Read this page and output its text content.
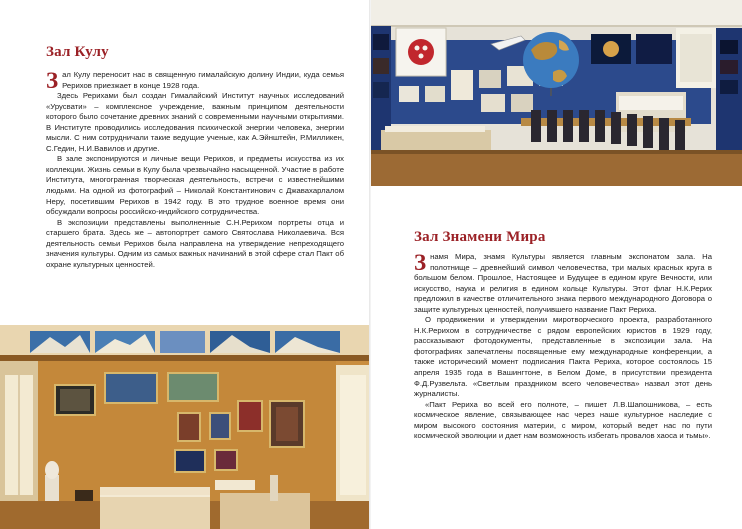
Зал Кулу

Зал Кулу переносит нас в священную гималайскую долину Индии, куда семья Рерихов приезжает в конце 1928 года.

Здесь Рерихами был создан Гималайский Институт научных исследований «Урусвати» – комплексное учреждение, важным принципом деятельности которого было сочетание древних знаний с современными научными открытиями. В Институте проводились исследования психической энергии человека, энергии мысли. С ним сотрудничали такие ведущие ученые, как А.Эйнштейн, Р.Милликен, С.Гедин, Н.И.Вавилов и другие.

В зале экспонируются и личные вещи Рерихов, и предметы искусства из их коллекции. Жизнь семьи в Кулу была чрезвычайно насыщенной. Участие в работе Института, многогранная творческая деятельность, встречи с известнейшими людьми. На одной из фотографий – Николай Константинович с Джавахарлалом Неру, посетившим Рерихов в 1942 году. В это трудное военное время они обсуждали вопросы российско-индийского сотрудничества.

В экспозиции представлены выполненные С.Н.Рерихом портреты отца и старшего брата. Здесь же – автопортрет самого Святослава Николаевича. Вся деятельность семьи Рерихов была направлена на утверждение непреходящего значения культуры. Одним из самых важных начинаний в этой сфере стал Пакт об охране культурных ценностей.

Зал Знамени Мира

Знамя Мира, знамя Культуры является главным экспонатом зала. На полотнище – древнейший символ человечества, три малых красных круга в большом белом. Прошлое, Настоящее и Будущее в едином круге Вечности, или искусство, наука и религия в едином кольце Культуры. Этот флаг Н.К.Рерих предложил в качестве отличительного знака первого международного Договора о защите культурных ценностей, получившего название Пакт Рериха.

О продвижении и утверждении миротворческого проекта, разработанного Н.К.Рерихом в сотрудничестве с рядом европейских юристов в 1929 году, рассказывают фотодокументы, представленные в экспозиции зала. На фотографиях запечатлены посвященные ему международные конференции, а также исторический момент подписания Пакта Рериха, которое состоялось 15 апреля 1935 года в Вашингтоне, в Белом Доме, в присутствии президента Ф.Д.Рузвельта. «Светлым праздником всего человечества» назвал этот день журналисты.

«Пакт Рериха во всей его полноте, – пишет Л.В.Шапошникова, – есть космическое явление, связывающее нас через наше культурное наследие с миром высокого состояния материи, с миром, который ведет нас по пути космической эволюции и дает нам возможность избегать провалов хаоса и тьмы».
